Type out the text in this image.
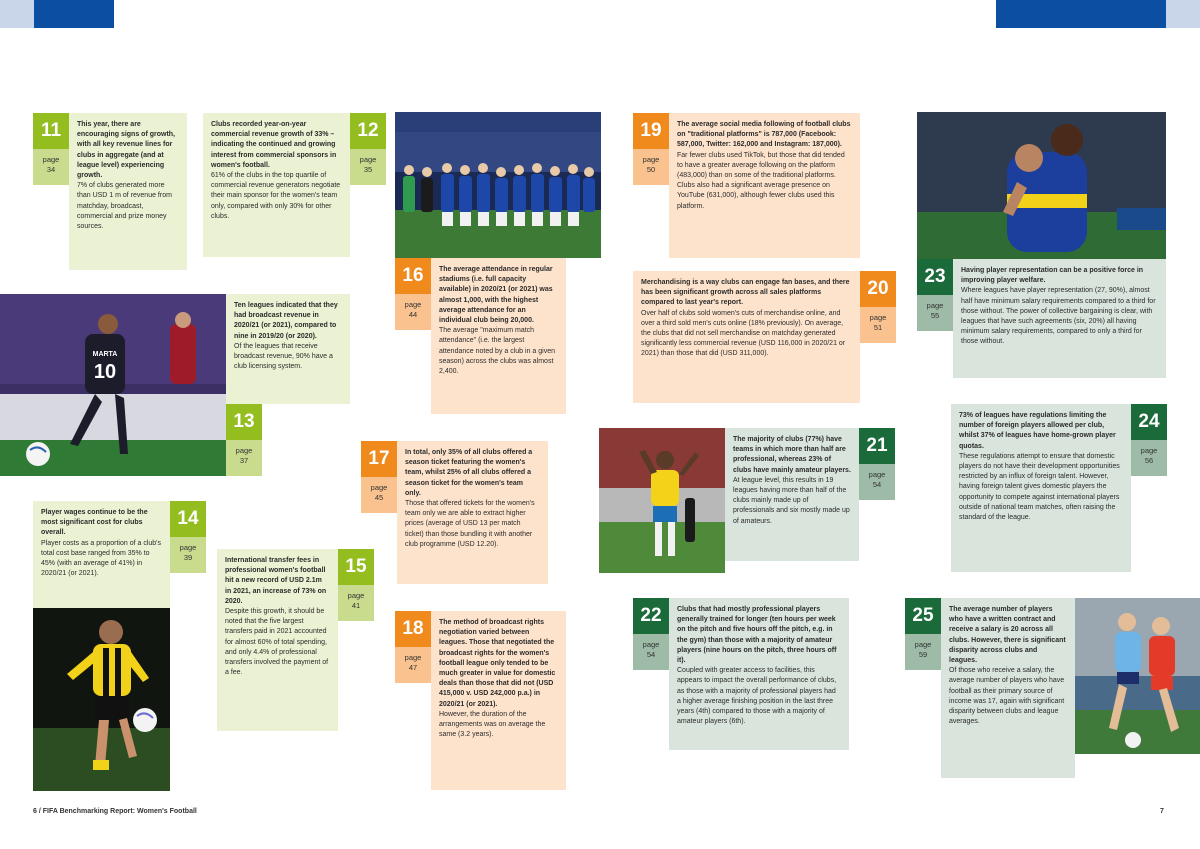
MARTA
10
11
page
34

This year, there are encouraging signs of growth, with all key revenue lines for clubs in aggregate (and at league level) experiencing growth.

7% of clubs generated more than USD 1 m of revenue from matchday, broadcast, commercial and prize money sources.

Clubs recorded year-on-year commercial revenue growth of 33% – indicating the continued and growing interest from commercial sponsors in women's football.

61% of the clubs in the top quartile of commercial revenue generators negotiate their main sponsor for the women's team only, compared with only 30% for other clubs.

12
page
35

Ten leagues indicated that they had broadcast revenue in 2020/21 (or 2021), compared to nine in 2019/20 (or 2020).

Of the leagues that receive broadcast revenue, 90% have a club licensing system.

13
page
37

Player wages continue to be the most significant cost for clubs overall.

Player costs as a proportion of a club's total cost base ranged from 35% to 45% (with an average of 41%) in 2020/21 (or 2021).

14
page
39	International transfer fees in professional women's football hit a new record of USD 2.1m in 2021, an increase of 73% on 2020.

Despite this growth, it should be noted that the five largest transfers paid in 2021 accounted for almost 60% of total spending, and only 4.4% of professional transfers involved the payment of a fee.

15
page
41
16
page
44

The average attendance in regular stadiums (i.e. full capacity available) in 2020/21 (or 2021) was almost 1,000, with the highest average attendance for an individual club being 20,000.

The average "maximum match attendance" (i.e. the largest attendance noted by a club in a given season) across the clubs was almost 2,400.

17
page
45

In total, only 35% of all clubs offered a season ticket featuring the women's team, whilst 25% of all clubs offered a season ticket for the women's team only.

Those that offered tickets for the women's team only we are able to extract higher prices (average of USD 13 per match ticket) than those bundling it with another club programme (USD 12.20).

18
page
47

The method of broadcast rights negotiation varied between leagues. Those that negotiated the broadcast rights for the women's football league only tended to be much greater in value for domestic deals than those that did not (USD 415,000 v. USD 242,000 p.a.) in 2020/21 (or 2021).

However, the duration of the arrangements was on average the same (3.2 years).

19
page
50

The average social media following of football clubs on "traditional platforms" is 787,000 (Facebook: 587,000, Twitter: 162,000 and Instagram: 187,000).

Far fewer clubs used TikTok, but those that did tended to have a greater average following on the platform (483,000) than on some of the traditional platforms. Clubs also had a significant average presence on YouTube (631,000), although fewer clubs used this platform.

Merchandising is a way clubs can engage fan bases, and there has been significant growth across all sales platforms compared to last year's report.

Over half of clubs sold women's cuts of merchandise online, and over a third sold men's cuts online (18% previously). On average, the clubs that did not sell merchandise on matchday generated significantly less commercial revenue (USD 116,000 in 2020/21 or 2021) than those that did (USD 311,000).

20
page
51

The majority of clubs (77%) have teams in which more than half are professional, whereas 23% of clubs have mainly amateur players.

At league level, this results in 19 leagues having more than half of the clubs mainly made up of professionals and six mostly made up of amateurs.

21
page
54
22
page
54

Clubs that had mostly professional players generally trained for longer (ten hours per week on the pitch and five hours off the pitch, e.g. in the gym) than those with a majority of amateur players (nine hours on the pitch, three hours off it).

Coupled with greater access to facilities, this appears to impact the overall performance of clubs, as those with a majority of professional players had a higher average finishing position in the last three years (4th) compared to those with a majority of amateur players (6th).

23
page
55

Having player representation can be a positive force in improving player welfare.

Where leagues have player representation (27, 90%), almost half have minimum salary requirements compared to a third for those without. The power of collective bargaining is clear, with leagues that have such agreements (six, 20%) all having minimum salary requirements, compared to only a third for those without.

73% of leagues have regulations limiting the number of foreign players allowed per club, whilst 37% of leagues have home-grown player quotas.

These regulations attempt to ensure that domestic players do not have their development opportunities restricted by an influx of foreign talent. However, having foreign talent gives domestic players the opportunity to compete against international players outside of national team matches, often raising the standard of the league.

24
page
56
25
page
59

The average number of players who have a written contract and receive a salary is 20 across all clubs. However, there is significant disparity across clubs and leagues.

Of those who receive a salary, the average number of players who have football as their primary source of income was 17, again with significant disparity between clubs and league averages.

6 / FIFA Benchmarking Report: Women's Football	7
